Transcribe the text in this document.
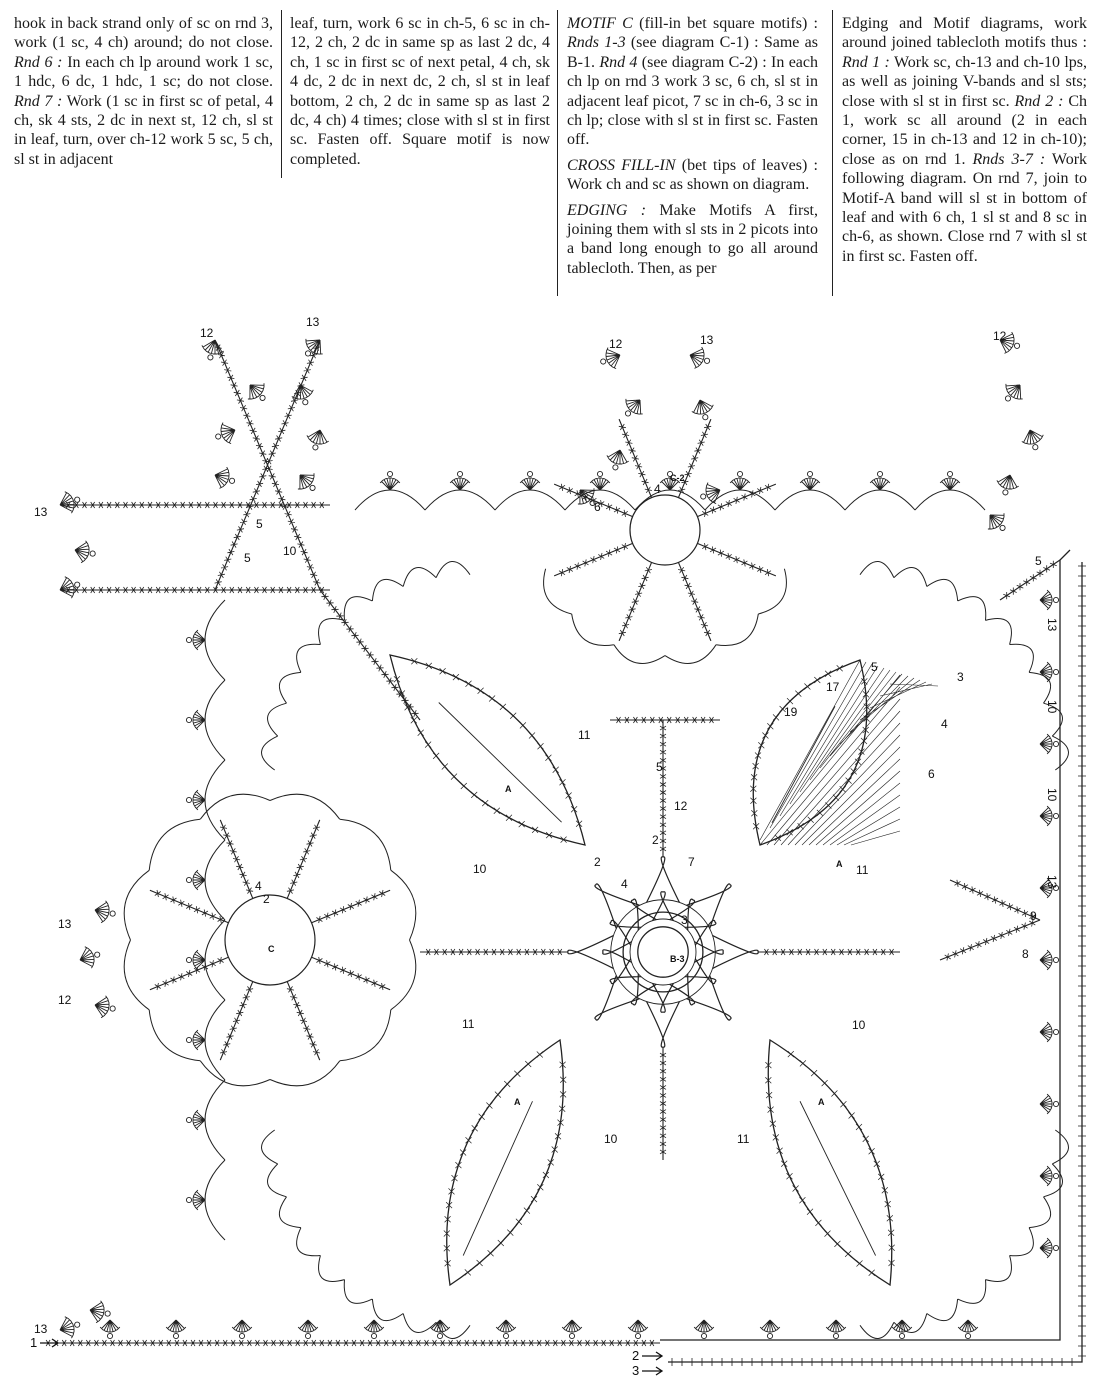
hook in back strand only of sc on rnd 3, work (1 sc, 4 ch) around; do not close. Rnd 6 : In each ch lp around work 1 sc, 1 hdc, 6 dc, 1 hdc, 1 sc; do not close. Rnd 7 : Work (1 sc in first sc of petal, 4 ch, sk 4 sts, 2 dc in next st, 12 ch, sl st in leaf, turn, over ch-12 work 5 sc, 5 ch, sl st in adjacent

leaf, turn, work 6 sc in ch-5, 6 sc in ch-12, 2 ch, 2 dc in same sp as last 2 dc, 4 ch, 1 sc in first sc of next petal, 4 ch, sk 4 dc, 2 dc in next dc, 2 ch, sl st in leaf bottom, 2 ch, 2 dc in same sp as last 2 dc, 4 ch) 4 times; close with sl st in first sc. Fasten off. Square motif is now completed.

MOTIF C (fill-in bet square motifs) : Rnds 1-3 (see diagram C-1) : Same as B-1. Rnd 4 (see diagram C-2) : In each ch lp on rnd 3 work 3 sc, 6 ch, sl st in adjacent leaf picot, 7 sc in ch-6, 3 sc in ch lp; close with sl st in first sc. Fasten off.

CROSS FILL-IN (bet tips of leaves) : Work ch and sc as shown on diagram.

EDGING : Make Motifs A first, joining them with sl sts in 2 picots into a band long enough to go all around tablecloth. Then, as per

Edging and Motif diagrams, work around joined tablecloth motifs thus : Rnd 1 : Work sc, ch-13 and ch-10 lps, as well as joining V-bands and sl sts; close with sl st in first sc. Rnd 2 : Ch 1, work sc all around (2 in each corner, 15 in ch-13 and 12 in ch-10); close as on rnd 1. Rnds 3-7 : Work following diagram. On rnd 7, join to Motif-A band will sl st in bottom of leaf and with 6 ch, 1 sl st and 8 sc in ch-6, as shown. Close rnd 7 with sl st in first sc. Fasten off.

A
A
A	A
B-3
C
C-2
12
13
12	13	12
13
5
5	10
4
6
11
5
12
2
7
2
4
3
11
10
4
2
13
12
11
10	11
10
13
5
13
10
10
13
9
8
6
4
17
19
3
5
1
2
3
